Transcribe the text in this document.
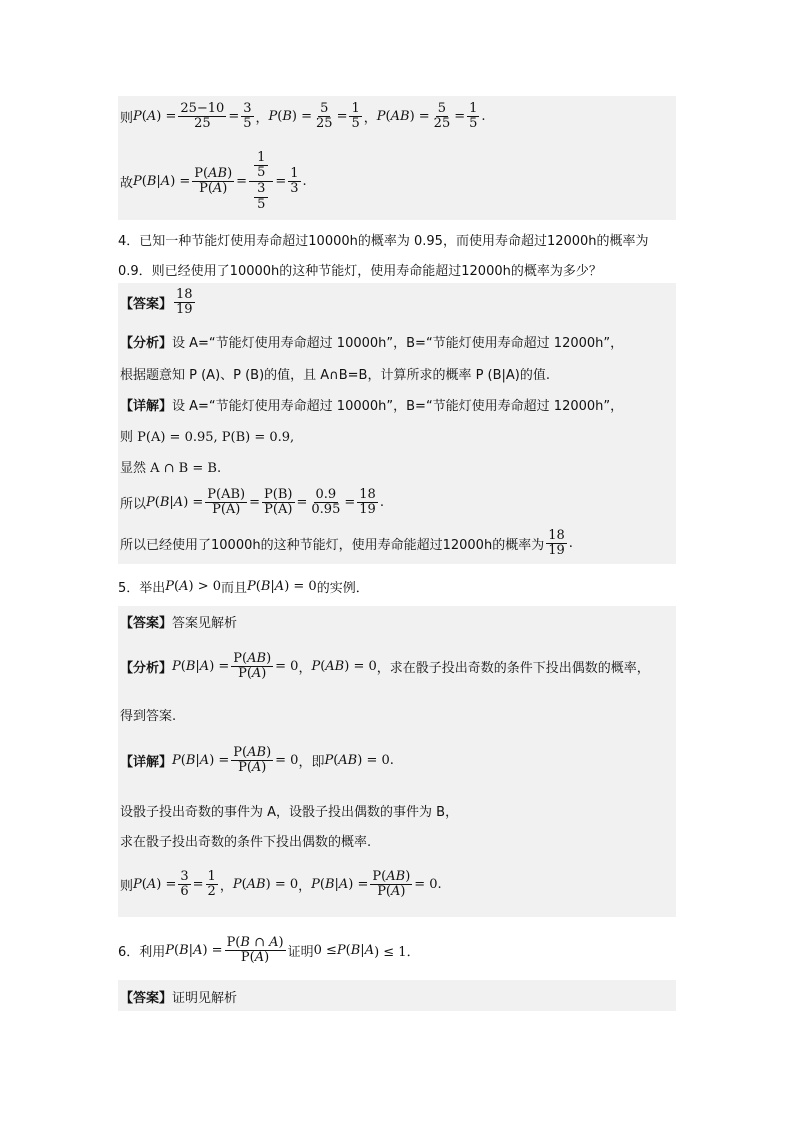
则 P ( A ) = $\frac{25-10}{25} = \frac{3}{5}$ ， P ( B ) = $\frac{5}{25} = \frac{1}{5}$ ， P ( AB ) = $\frac{5}{25} = \frac{1}{5}$ .
故 P ( B | A ) = $\frac{P(AB)}{P(A)} = \frac{\frac{1}{5}}{\frac{3}{5}} = \frac{1}{3}$ .
4．已知一种节能灯使用寿命超过10000h的概率为 0.95，而使用寿命超过12000h的概率为
0.9．则已经使用了10000h的这种节能灯，使用寿命能超过12000h的概率为多少？
【答案】 $\frac{18}{19}$
【分析】 设 A=“节能灯使用寿命超过 10000h”，B=“节能灯使用寿命超过 12000h”，
根据题意知 P (A)、P (B)的值，且 A∩B=B，计算所求的概率 P (B|A)的值.
【详解】 设 A=“节能灯使用寿命超过 10000h”，B=“节能灯使用寿命超过 12000h”，
则 P(A) = 0.95, P(B) = 0.9,
显然 A ∩ B = B.
所以 P ( B | A ) = $\frac{P(AB)}{P(A)} = \frac{P(B)}{P(A)} = \frac{0.9}{0.95} = \frac{18}{19}$ .
所以已经使用了10000h的这种节能灯，使用寿命能超过12000h的概率为 $\frac{18}{19}$ .
5．举出 P ( A ) > 0 而且 P ( B | A ) = 0 的实例．
【答案】 答案见解析
【分析】 P ( B | A ) = $\frac{P(AB)}{P(A)} = 0$ ， P ( AB ) = 0 ，求在骰子投出奇数的条件下投出偶数的概率，
得到答案.
【详解】 P ( B | A ) = $\frac{P(AB)}{P(A)} = 0$ ，即 P ( AB ) = 0.
设骰子投出奇数的事件为 A，设骰子投出偶数的事件为 B，
求在骰子投出奇数的条件下投出偶数的概率.
则 P ( A ) = $\frac{3}{6} = \frac{1}{2}$ ， P ( AB ) = 0 ， P ( B | A ) = $\frac{P(AB)}{P(A)} = 0$.
6．利用 P ( B | A ) = $\frac{P(B \cap A)}{P(A)}$ 证明 0 ≤ P ( B | A ) ≤ 1．
【答案】 证明见解析
